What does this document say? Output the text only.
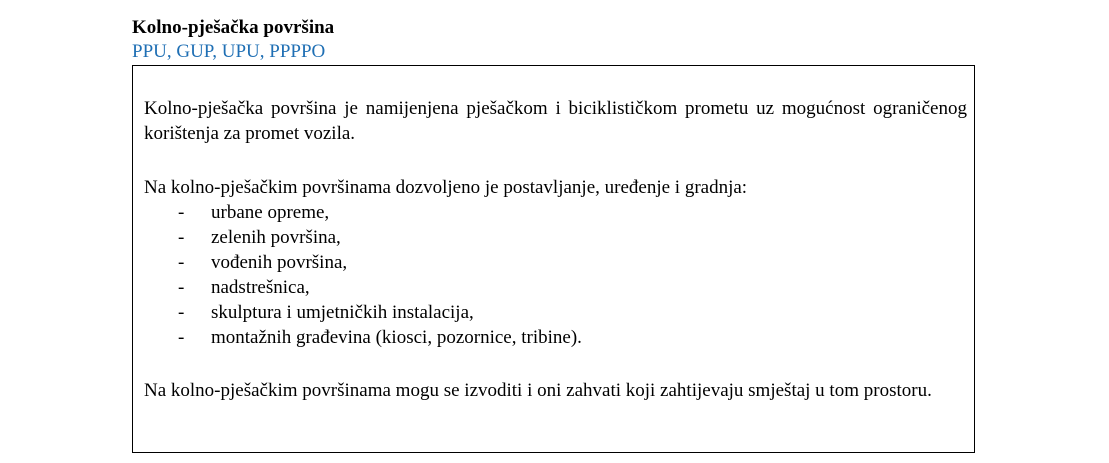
Kolno-pješačka površina
PPU, GUP, UPU, PPPPO
Kolno-pješačka površina je namijenjena pješačkom i biciklističkom prometu uz mogućnost ograničenog korištenja za promet vozila.
Na kolno-pješačkim površinama dozvoljeno je postavljanje, uređenje i gradnja:
- urbane opreme,
- zelenih površina,
- vođenih površina,
- nadstrešnica,
- skulptura i umjetničkih instalacija,
- montažnih građevina (kiosci, pozornice, tribine).
Na kolno-pješačkim površinama mogu se izvoditi i oni zahvati koji zahtijevaju smještaj u tom prostoru.
